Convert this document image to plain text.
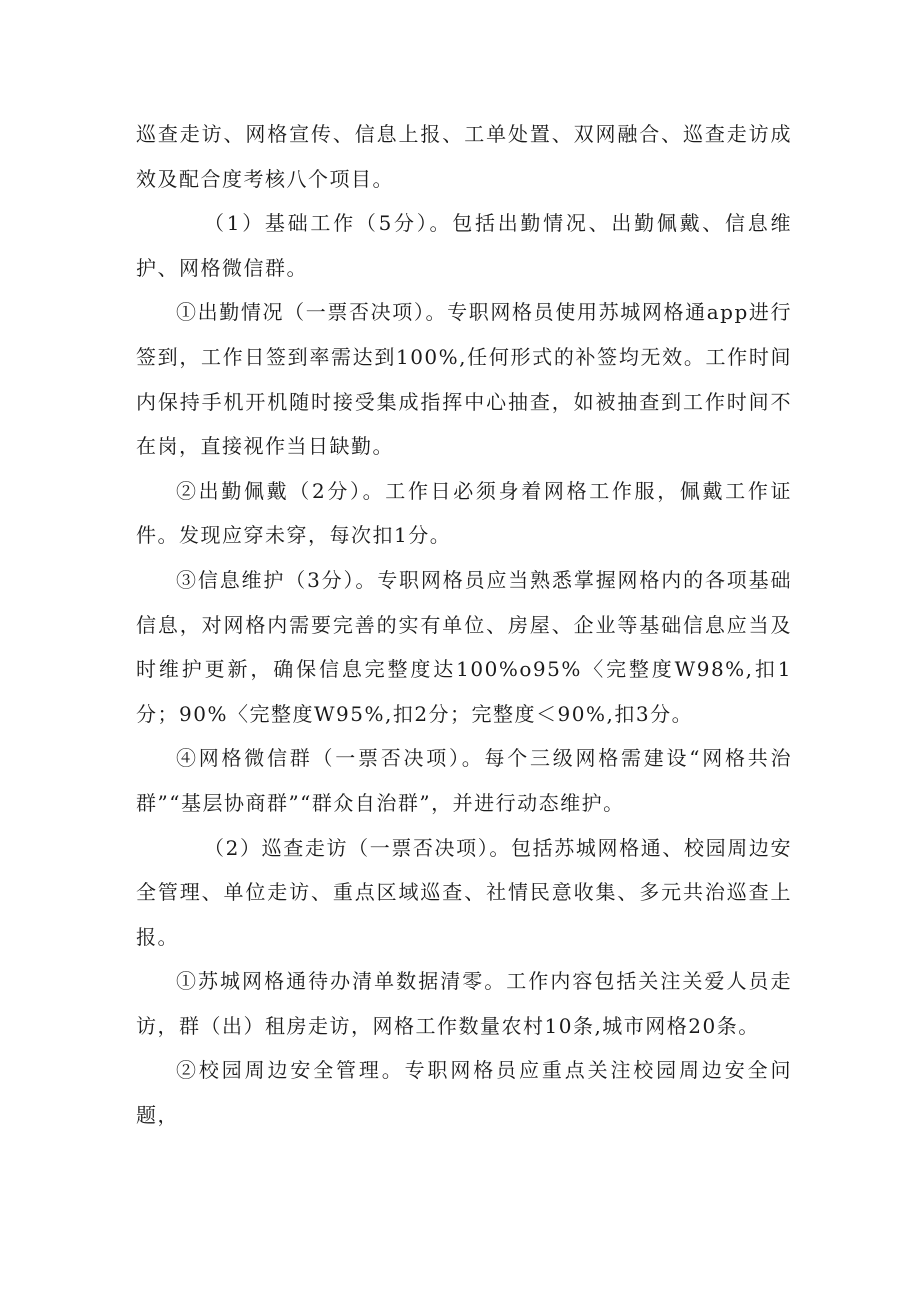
巡查走访、网格宣传、信息上报、工单处置、双网融合、巡查走访成效及配合度考核八个项目。

（1）基础工作（5分）。包括出勤情况、出勤佩戴、信息维护、网格微信群。

①出勤情况（一票否决项）。专职网格员使用苏城网格通app进行签到，工作日签到率需达到100%,任何形式的补签均无效。工作时间内保持手机开机随时接受集成指挥中心抽查，如被抽查到工作时间不在岗，直接视作当日缺勤。

②出勤佩戴（2分）。工作日必须身着网格工作服，佩戴工作证件。发现应穿未穿，每次扣1分。

③信息维护（3分）。专职网格员应当熟悉掌握网格内的各项基础信息，对网格内需要完善的实有单位、房屋、企业等基础信息应当及时维护更新，确保信息完整度达100%o95%〈完整度W98%,扣1分；90%〈完整度W95%,扣2分；完整度＜90%,扣3分。

④网格微信群（一票否决项）。每个三级网格需建设“网格共治群”“基层协商群”“群众自治群”，并进行动态维护。

（2）巡查走访（一票否决项）。包括苏城网格通、校园周边安全管理、单位走访、重点区域巡查、社情民意收集、多元共治巡查上报。

①苏城网格通待办清单数据清零。工作内容包括关注关爱人员走访，群（出）租房走访，网格工作数量农村10条,城市网格20条。

②校园周边安全管理。专职网格员应重点关注校园周边安全问题，
